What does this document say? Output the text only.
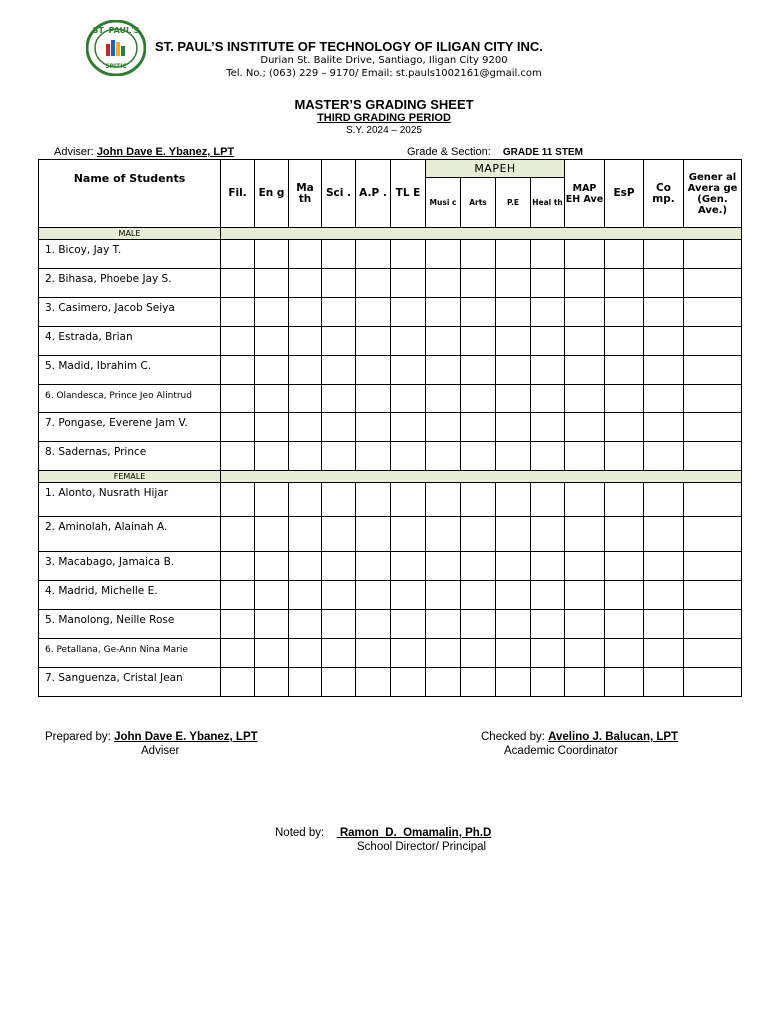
ST. PAUL'S
SPITIC
ST. PAUL’S INSTITUTE OF TECHNOLOGY OF ILIGAN CITY INC.
Durian St. Balite Drive, Santiago, Iligan City 9200
Tel. No.; (063) 229 – 9170/ Email: st.pauls1002161@gmail.com
MASTER’S GRADING SHEET
THIRD GRADING PERIOD
S.Y. 2024 – 2025
Adviser: John Dave E. Ybanez, LPT	Grade & Section: GRADE 11 STEM
Name of Students	Fil.	En g	Ma th	Sci .	A.P .	TL E	MAPEH				MAP EH Ave	EsP	Co mp.	Gener al Avera ge (Gen. Ave.)
							Musi c	Arts	P.E	Heal th				
MALE														
1. Bicoy, Jay T.														
2. Bihasa, Phoebe Jay S.														
3. Casimero, Jacob Seiya														
4. Estrada, Brian														
5. Madid, Ibrahim C.														
6. Olandesca, Prince Jeo Alintrud														
7. Pongase, Everene Jam V.														
8. Sadernas, Prince														
FEMALE														
1. Alonto, Nusrath Hijar														
2. Aminolah, Alainah A.														
3. Macabago, Jamaica B.														
4. Madrid, Michelle E.														
5. Manolong, Neille Rose														
6. Petallana, Ge-Ann Nina Marie														
7. Sanguenza, Cristal Jean														
Prepared by: John Dave E. Ybanez, LPT
Adviser
Checked by: Avelino J. Balucan, LPT
Academic Coordinator
Noted by:   Ramon  D.  Omamalin, Ph.D
School Director/ Principal
